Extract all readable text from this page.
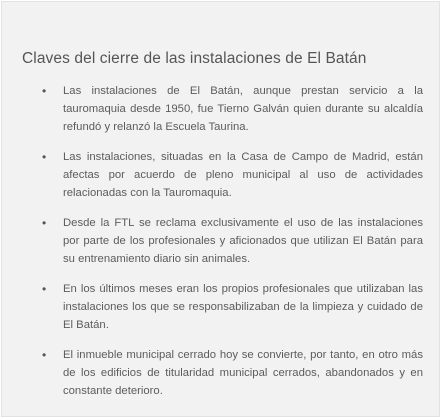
Claves del cierre de las instalaciones de El Batán
• Las instalaciones de El Batán, aunque prestan servicio a la tauromaquia desde 1950, fue Tierno Galván quien durante su alcaldía refundó y relanzó la Escuela Taurina.
• Las instalaciones, situadas en la Casa de Campo de Madrid, están afectas por acuerdo de pleno municipal al uso de actividades relacionadas con la Tauromaquia.
• Desde la FTL se reclama exclusivamente el uso de las instalaciones por parte de los profesionales y aficionados que utilizan El Batán para su entrenamiento diario sin animales.
• En los últimos meses eran los propios profesionales que utilizaban las instalaciones los que se responsabilizaban de la limpieza y cuidado de El Batán.
• El inmueble municipal cerrado hoy se convierte, por tanto, en otro más de los edificios de titularidad municipal cerrados, abandonados y en constante deterioro.
